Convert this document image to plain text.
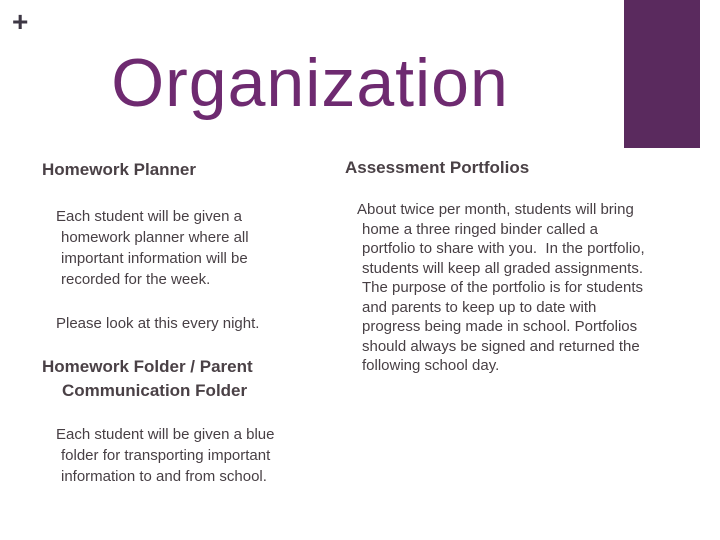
+
Organization
Homework Planner
Each student will be given a homework planner where all important information will be recorded for the week.
Please look at this every night.
Homework Folder / Parent Communication Folder
Each student will be given a blue folder for transporting important information to and from school.
Assessment Portfolios
About twice per month, students will bring home a three ringed binder called a portfolio to share with you.  In the portfolio, students will keep all graded assignments.  The purpose of the portfolio is for students and parents to keep up to date with progress being made in school. Portfolios should always be signed and returned the following school day.
